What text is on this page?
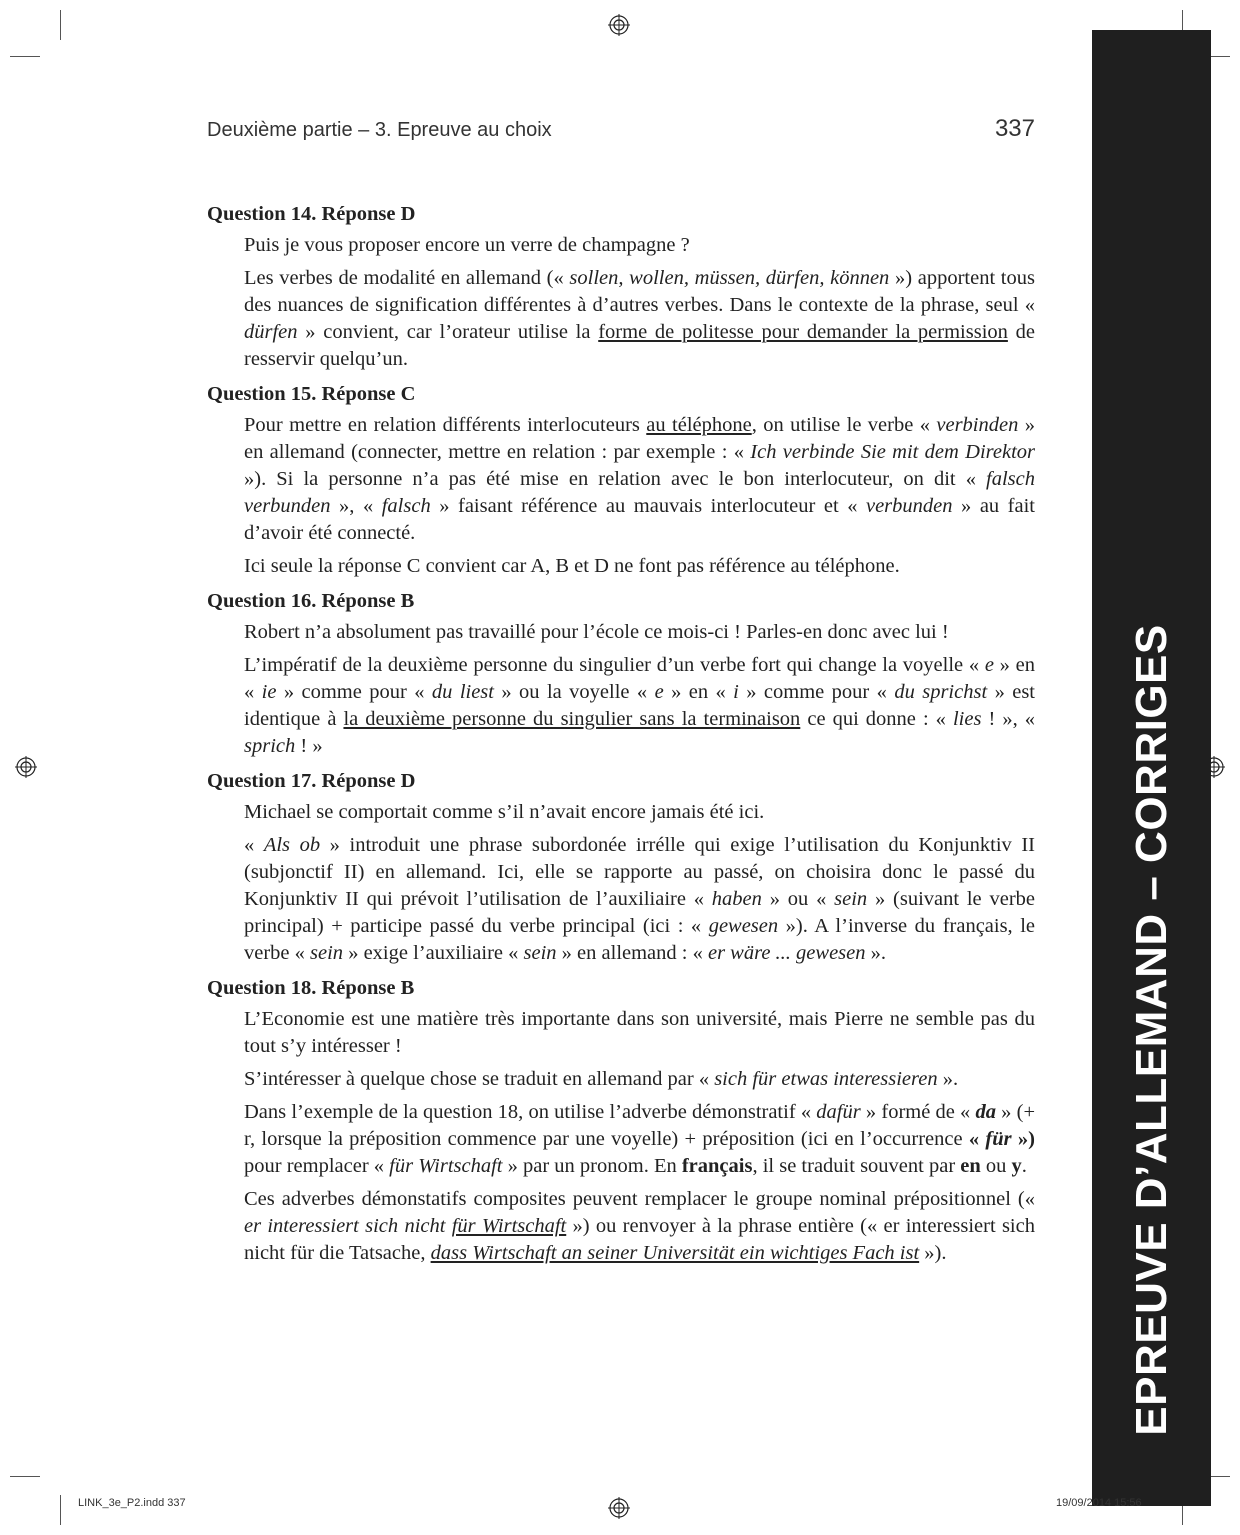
Deuxième partie – 3. Epreuve au choix	337
EPREUVE D’ALLEMAND – CORRIGES
Question 14. Réponse D

Puis je vous proposer encore un verre de champagne ?

Les verbes de modalité en allemand (« sollen, wollen, müssen, dürfen, können ») apportent tous des nuances de signification différentes à d’autres verbes. Dans le contexte de la phrase, seul « dürfen » convient, car l’orateur utilise la forme de politesse pour demander la permission de resservir quelqu’un.

Question 15. Réponse C

Pour mettre en relation différents interlocuteurs au téléphone, on utilise le verbe « verbinden » en allemand (connecter, mettre en relation : par exemple : « Ich verbinde Sie mit dem Direktor »). Si la personne n’a pas été mise en relation avec le bon interlocuteur, on dit « falsch verbunden », « falsch » faisant référence au mauvais interlocuteur et « verbunden » au fait d’avoir été connecté.

Ici seule la réponse C convient car A, B et D ne font pas référence au téléphone.

Question 16. Réponse B

Robert n’a absolument pas travaillé pour l’école ce mois-ci ! Parles-en donc avec lui !

L’impératif de la deuxième personne du singulier d’un verbe fort qui change la voyelle « e » en « ie » comme pour « du liest » ou la voyelle « e » en « i » comme pour « du sprichst » est identique à la deuxième personne du singulier sans la terminaison ce qui donne : « lies ! », « sprich ! »

Question 17. Réponse D

Michael se comportait comme s’il n’avait encore jamais été ici.

« Als ob » introduit une phrase subordonée irrélle qui exige l’utilisation du Konjunktiv II (subjonctif II) en allemand. Ici, elle se rapporte au passé, on choisira donc le passé du Konjunktiv II qui prévoit l’utilisation de l’auxiliaire « haben » ou « sein » (suivant le verbe principal) + participe passé du verbe principal (ici : « gewesen »). A l’inverse du français, le verbe « sein » exige l’auxiliaire « sein » en allemand : « er wäre ... gewesen ».

Question 18. Réponse B

L’Economie est une matière très importante dans son université, mais Pierre ne semble pas du tout s’y intéresser !

S’intéresser à quelque chose se traduit en allemand par « sich für etwas interessieren ».

Dans l’exemple de la question 18, on utilise l’adverbe démonstratif « dafür » formé de « da » (+ r, lorsque la préposition commence par une voyelle) + préposition (ici en l’occurrence « für ») pour remplacer « für Wirtschaft » par un pronom. En français, il se traduit souvent par en ou y.

Ces adverbes démonstatifs composites peuvent remplacer le groupe nominal prépositionnel (« er interessiert sich nicht für Wirtschaft ») ou renvoyer à la phrase entière (« er interessiert sich nicht für die Tatsache, dass Wirtschaft an seiner Universität ein wichtiges Fach ist »).

LINK_3e_P2.indd 337	19/09/2014 15:56
